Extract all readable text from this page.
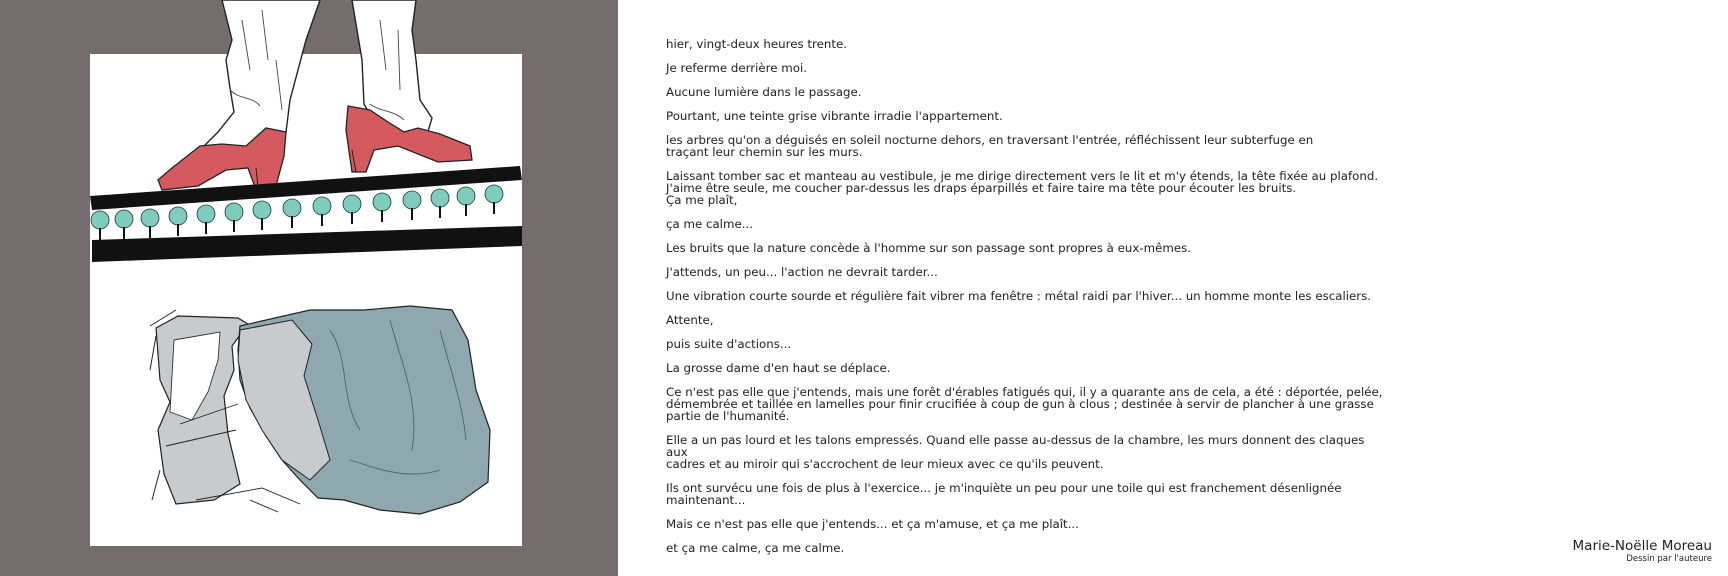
hier, vingt-deux heures trente.

Je referme derrière moi.

Aucune lumière dans le passage.

Pourtant, une teinte grise vibrante irradie l'appartement.

les arbres qu'on a déguisés en soleil nocturne dehors, en traversant l'entrée, réfléchissent leur subterfuge en
traçant leur chemin sur les murs.

Laissant tomber sac et manteau au vestibule, je me dirige directement vers le lit et m'y étends, la tête fixée au plafond.
J'aime être seule, me coucher par-dessus les draps éparpillés et faire taire ma tête pour écouter les bruits.
Ça me plaît,

ça me calme...

Les bruits que la nature concède à l'homme sur son passage sont propres à eux-mêmes.

J'attends, un peu... l'action ne devrait tarder...

Une vibration courte sourde et régulière fait vibrer ma fenêtre : métal raidi par l'hiver... un homme monte les escaliers.

Attente,

puis suite d'actions...

La grosse dame d'en haut se déplace.

Ce n'est pas elle que j'entends, mais une forêt d'érables fatigués qui, il y a quarante ans de cela, a été : déportée, pelée,
démembrée et taillée en lamelles pour finir crucifiée à coup de gun à clous ; destinée à servir de plancher à une grasse
partie de l'humanité.

Elle a un pas lourd et les talons empressés. Quand elle passe au-dessus de la chambre, les murs donnent des claques aux
cadres et au miroir qui s'accrochent de leur mieux avec ce qu'ils peuvent.

Ils ont survécu une fois de plus à l'exercice... je m'inquiète un peu pour une toile qui est franchement désenlignée maintenant...

Mais ce n'est pas elle que j'entends... et ça m'amuse, et ça me plaît...

et ça me calme, ça me calme.	Marie-Noëlle Moreau
Dessin par l'auteure
